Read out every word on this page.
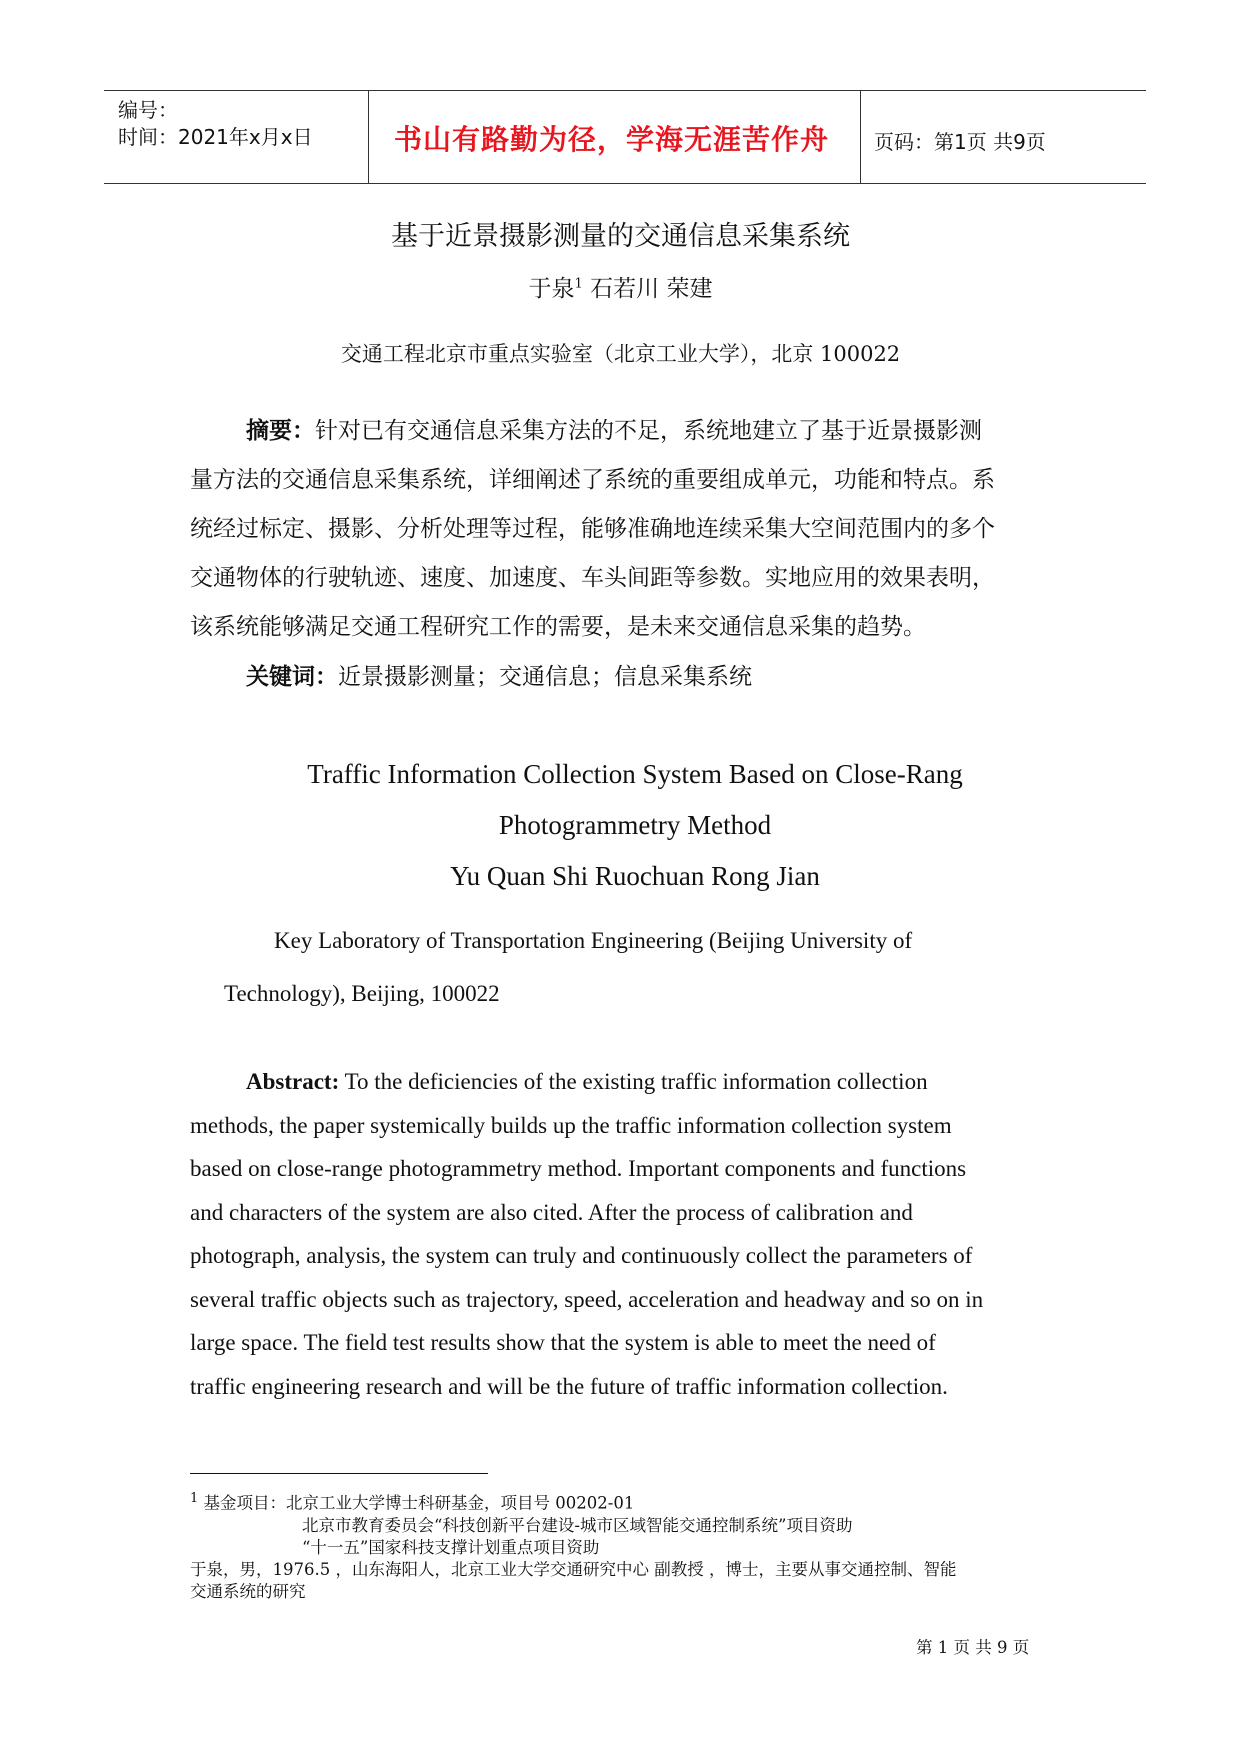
编号：
时间：2021年x月x日	书山有路勤为径，学海无涯苦作舟 页码：第1页 共9页
基于近景摄影测量的交通信息采集系统
于泉$^1$ 石若川 荣建
交通工程北京市重点实验室（北京工业大学），北京 100022
摘要：针对已有交通信息采集方法的不足，系统地建立了基于近景摄影测
量方法的交通信息采集系统，详细阐述了系统的重要组成单元，功能和特点。系
统经过标定、摄影、分析处理等过程，能够准确地连续采集大空间范围内的多个
交通物体的行驶轨迹、速度、加速度、车头间距等参数。实地应用的效果表明，
该系统能够满足交通工程研究工作的需要，是未来交通信息采集的趋势。
关键词：近景摄影测量；交通信息；信息采集系统
Traffic Information Collection System Based on Close-Rang
Photogrammetry Method
Yu Quan Shi Ruochuan Rong Jian
Key Laboratory of Transportation Engineering (Beijing University of
Technology), Beijing, 100022
Abstract: To the deficiencies of the existing traffic information collection
methods, the paper systemically builds up the traffic information collection system
based on close-range photogrammetry method. Important components and functions
and characters of the system are also cited. After the process of calibration and
photograph, analysis, the system can truly and continuously collect the parameters of
several traffic objects such as trajectory, speed, acceleration and headway and so on in
large space. The field test results show that the system is able to meet the need of
traffic engineering research and will be the future of traffic information collection.
$^1$ 基金项目：北京工业大学博士科研基金，项目号 00202-01
北京市教育委员会“科技创新平台建设-城市区域智能交通控制系统”项目资助
“十一五”国家科技支撑计划重点项目资助
于泉，男，1976.5 ，山东海阳人，北京工业大学交通研究中心 副教授 ，博士，主要从事交通控制、智能
交通系统的研究
第 1 页 共 9 页
